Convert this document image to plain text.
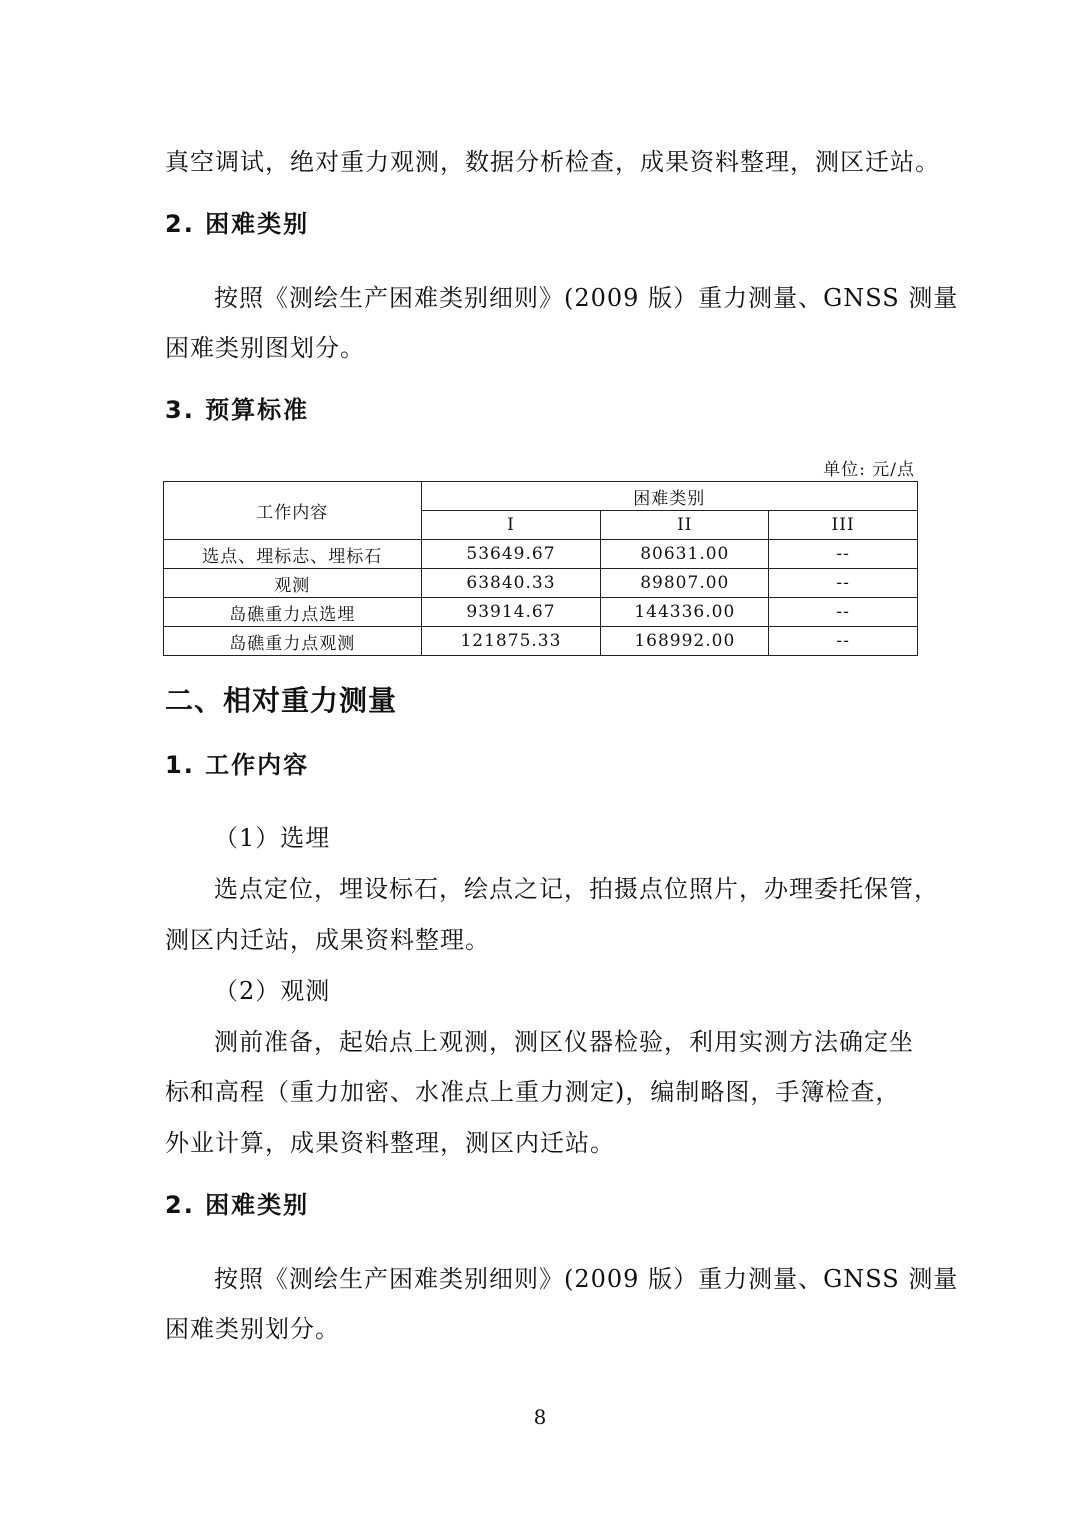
真空调试，绝对重力观测，数据分析检查，成果资料整理，测区迁站。
2. 困难类别
按照《测绘生产困难类别细则》(2009 版）重力测量、GNSS 测量
困难类别图划分。
3. 预算标准
单位: 元/点
工作内容	困难类别		
	I	II	III
选点、埋标志、埋标石	53649.67	80631.00	--
观测	63840.33	89807.00	--
岛礁重力点选埋	93914.67	144336.00	--
岛礁重力点观测	121875.33	168992.00	--
二、相对重力测量
1. 工作内容
（1）选埋
选点定位，埋设标石，绘点之记，拍摄点位照片，办理委托保管，
测区内迁站，成果资料整理。
（2）观测
测前准备，起始点上观测，测区仪器检验，利用实测方法确定坐
标和高程（重力加密、水准点上重力测定)，编制略图，手簿检查，
外业计算，成果资料整理，测区内迁站。
2. 困难类别
按照《测绘生产困难类别细则》(2009 版）重力测量、GNSS 测量
困难类别划分。
8
